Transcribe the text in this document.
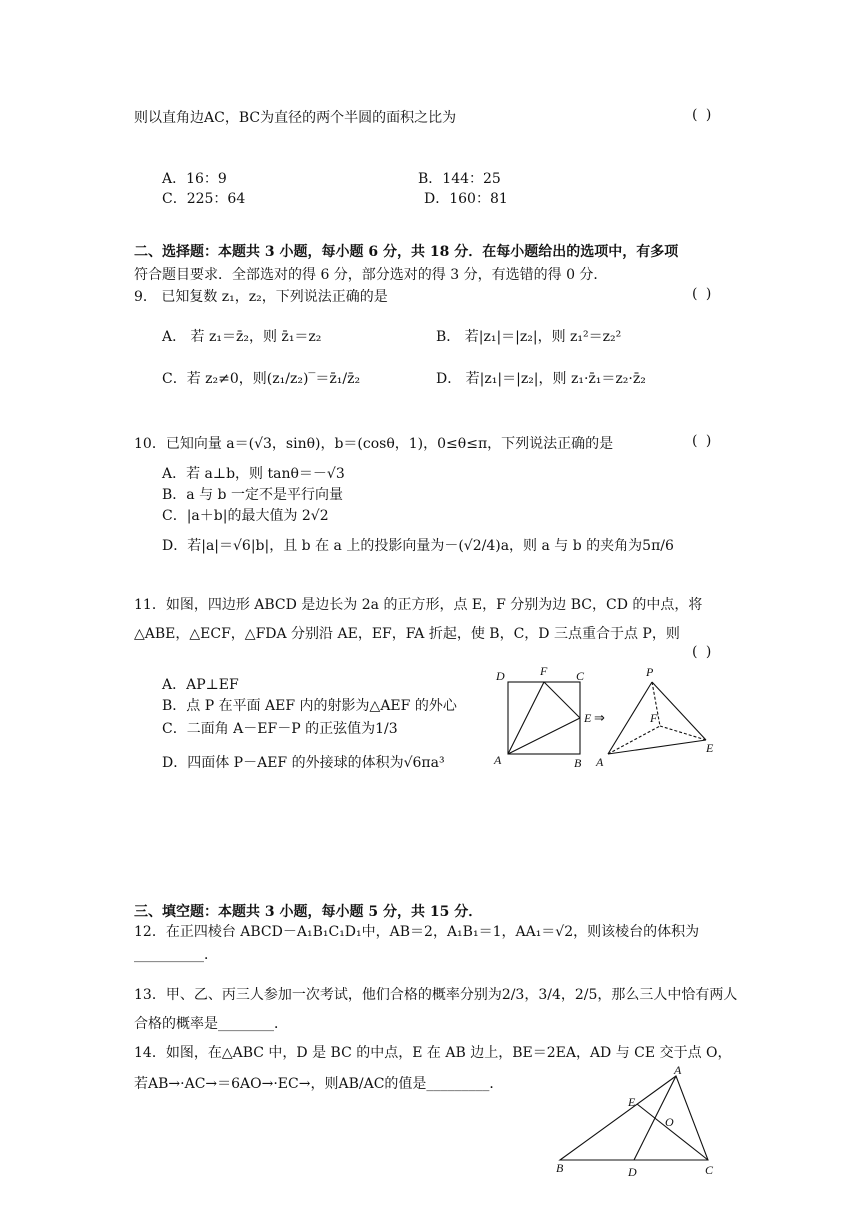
则以直角边AC，BC为直径的两个半圆的面积之比为	( )
A．16：9	B．144：25
C．225：64	D．160：81
二、选择题：本题共 3 小题，每小题 6 分，共 18 分．在每小题给出的选项中，有多项
符合题目要求．全部选对的得 6 分，部分选对的得 3 分，有选错的得 0 分．
9． 已知复数 z₁，z₂，下列说法正确的是	( )
A． 若 z₁＝z̄₂，则 z̄₁＝z₂	B． 若|z₁|＝|z₂|，则 z₁²＝z₂²
C．若 z₂≠0，则(z₁/z₂)‾＝z̄₁/z̄₂	D． 若|z₁|＝|z₂|，则 z₁·z̄₁＝z₂·z̄₂
10．已知向量 a＝(√3，sinθ)，b＝(cosθ，1)，0≤θ≤π，下列说法正确的是	( )
A．若 a⊥b，则 tanθ＝－√3
B．a 与 b 一定不是平行向量
C．|a＋b|的最大值为 2√2
D．若|a|＝√6|b|，且 b 在 a 上的投影向量为－(√2/4)a，则 a 与 b 的夹角为5π/6
11．如图，四边形 ABCD 是边长为 2a 的正方形，点 E，F 分别为边 BC，CD 的中点，将
△ABE，△ECF，△FDA 分别沿 AE，EF，FA 折起，使 B，C，D 三点重合于点 P，则
( )
A．AP⊥EF
B．点 P 在平面 AEF 内的射影为△AEF 的外心
C．二面角 A－EF－P 的正弦值为1/3
D．四面体 P－AEF 的外接球的体积为√6πa³
D	F C
E
A	B
⇒
P
F
E
A
三、填空题：本题共 3 小题，每小题 5 分，共 15 分．
12．在正四棱台 ABCD－A₁B₁C₁D₁中，AB＝2，A₁B₁＝1，AA₁＝√2，则该棱台的体积为
__________．
13．甲、乙、丙三人参加一次考试，他们合格的概率分别为2/3，3/4，2/5，那么三人中恰有两人
合格的概率是________．
14．如图，在△ABC 中，D 是 BC 的中点，E 在 AB 边上，BE＝2EA，AD 与 CE 交于点 O，
若AB→·AC→＝6AO→·EC→，则AB/AC的值是_________．
A
E
O
B	D	C
